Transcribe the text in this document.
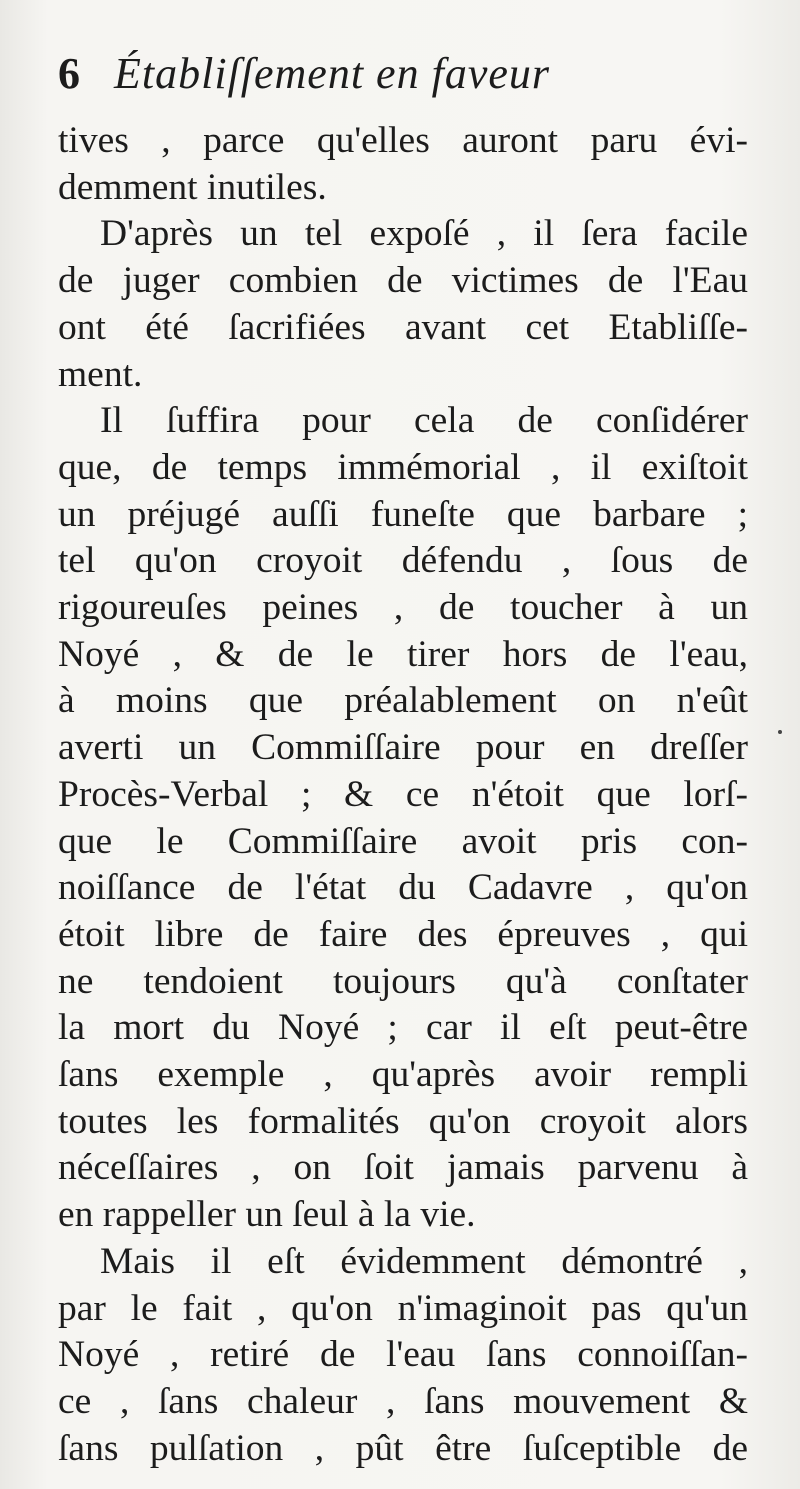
6 Établiſſement en faveur
tives , parce qu'elles auront paru évi-
demment inutiles.
D'après un tel expoſé , il ſera facile
de juger combien de victimes de l'Eau
ont été ſacrifiées avant cet Etabliſſe-
ment.
Il ſuffira pour cela de conſidérer
que, de temps immémorial , il exiſtoit
un préjugé auſſi funeſte que barbare ;
tel qu'on croyoit défendu , ſous de
rigoureuſes peines , de toucher à un
Noyé , & de le tirer hors de l'eau,
à moins que préalablement on n'eût
averti un Commiſſaire pour en dreſſer
Procès-Verbal ; & ce n'étoit que lorſ-
que le Commiſſaire avoit pris con-
noiſſance de l'état du Cadavre , qu'on
étoit libre de faire des épreuves , qui
ne tendoient toujours qu'à conſtater
la mort du Noyé ; car il eſt peut-être
ſans exemple , qu'après avoir rempli
toutes les formalités qu'on croyoit alors
néceſſaires , on ſoit jamais parvenu à
en rappeller un ſeul à la vie.
Mais il eſt évidemment démontré ,
par le fait , qu'on n'imaginoit pas qu'un
Noyé , retiré de l'eau ſans connoiſſan-
ce , ſans chaleur , ſans mouvement &
ſans pulſation , pût être ſuſceptible de
